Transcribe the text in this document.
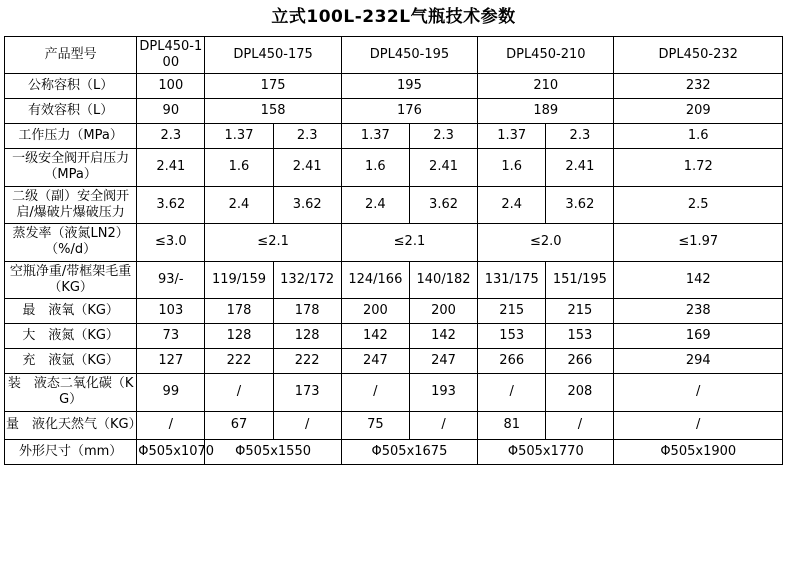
立式100L-232L气瓶技术参数
产品型号	DPL450-100	DPL450-175		DPL450-195		DPL450-210		DPL450-232
公称容积（L）	100	175		195		210		232
有效容积（L）	90	158		176		189		209
工作压力（MPa）	2.3	1.37	2.3	1.37	2.3	1.37	2.3	1.6
一级安全阀开启压力（MPa）	2.41	1.6	2.41	1.6	2.41	1.6	2.41	1.72
二级（副）安全阀开启/爆破片爆破压力	3.62	2.4	3.62	2.4	3.62	2.4	3.62	2.5
蒸发率（液氮LN2）（%/d）	≤3.0	≤2.1		≤2.1		≤2.0		≤1.97
空瓶净重/带框架毛重（KG）	93/-	119/159	132/172	124/166	140/182	131/175	151/195	142
最　液氧（KG）	103	178	178	200	200	215	215	238
大　液氮（KG）	73	128	128	142	142	153	153	169
充　液氩（KG）	127	222	222	247	247	266	266	294
装　液态二氧化碳（KG）	99	/	173	/	193	/	208	/
量　液化天然气（KG）	/	67	/	75	/	81	/	/
外形尺寸（mm）	Φ505x1070	Φ505x1550		Φ505x1675		Φ505x1770		Φ505x1900
